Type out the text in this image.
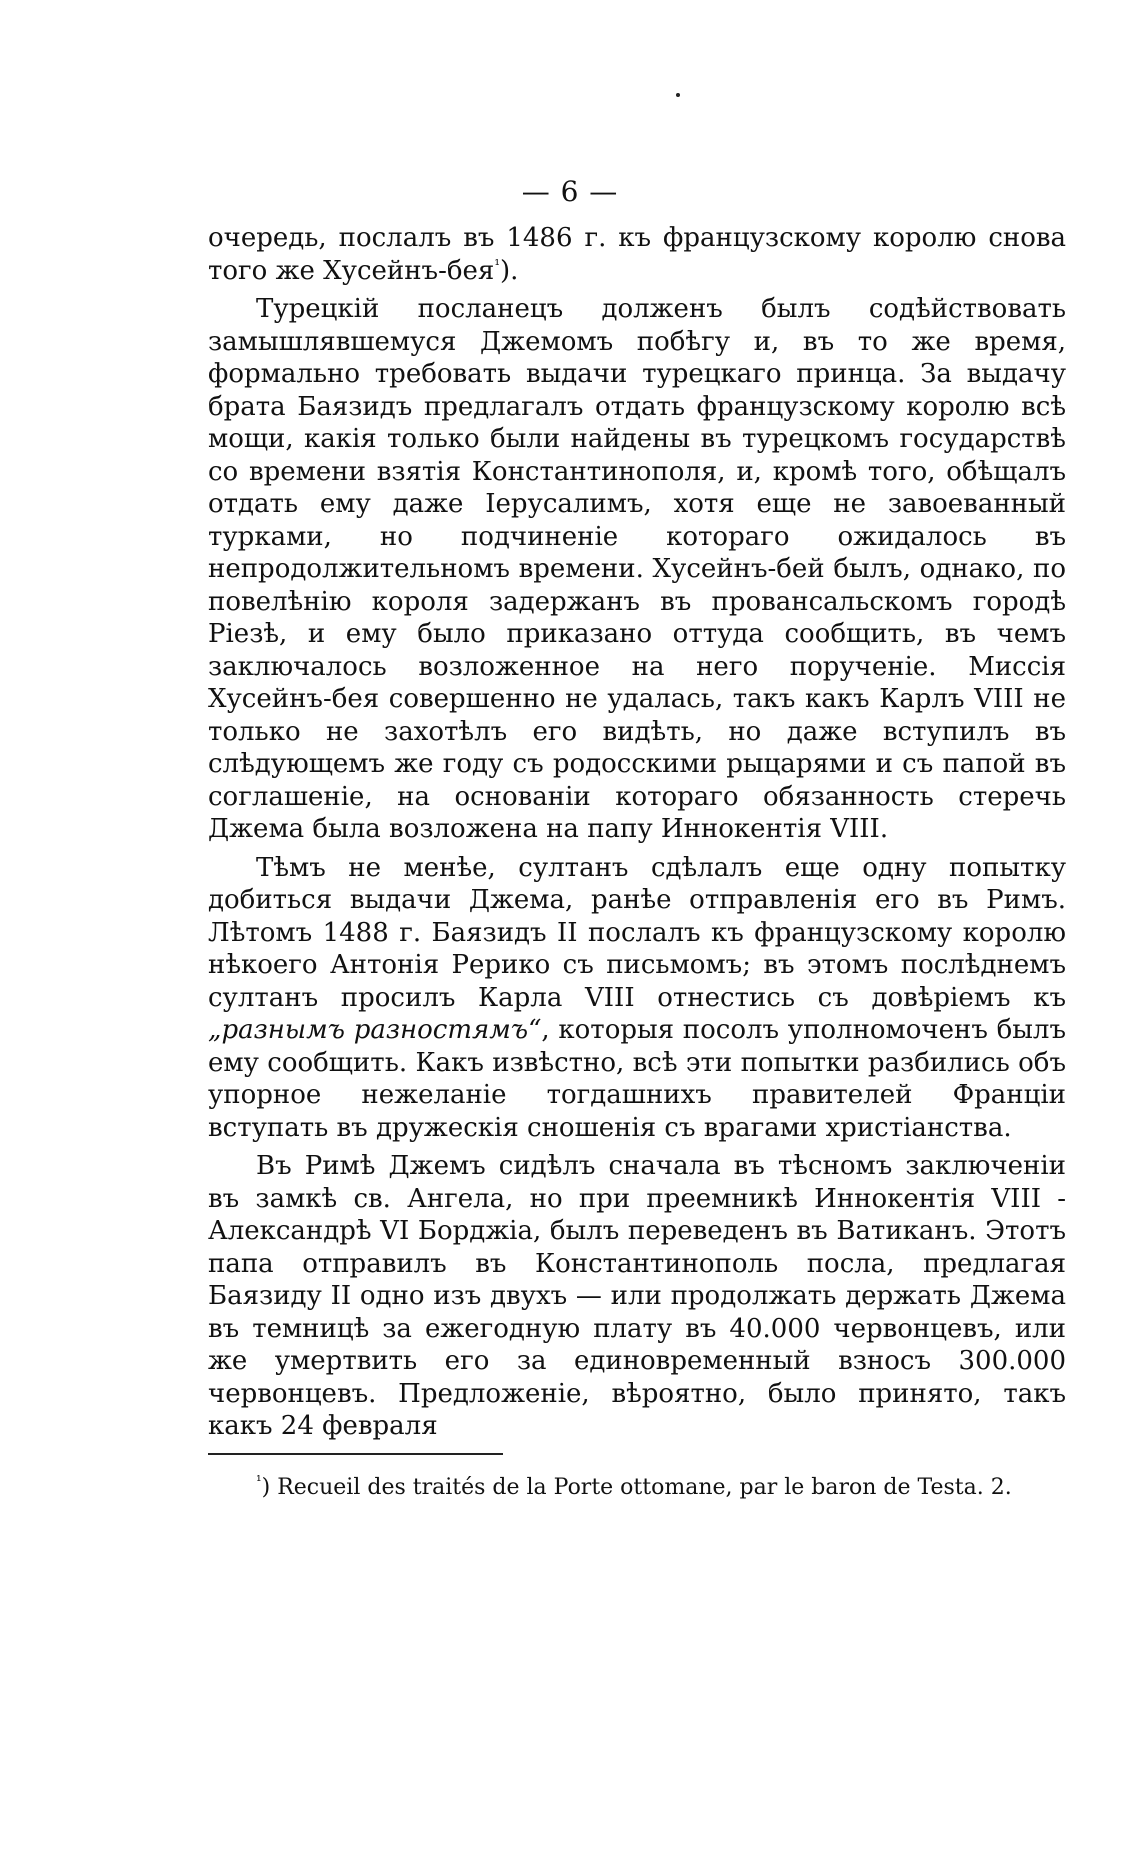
— 6 —

очередь, послалъ въ 1486 г. къ французскому королю снова того же Хусейнъ-бея$^{^1}$).

Турецкій посланецъ долженъ былъ содѣйствовать замышлявшемуся Джемомъ побѣгу и, въ то же время, формально требовать выдачи турецкаго принца. За выдачу брата Баязидъ предлагалъ отдать французскому королю всѣ мощи, какія только были найдены въ турецкомъ государствѣ со времени взятія Константинополя, и, кромѣ того, обѣщалъ отдать ему даже Іерусалимъ, хотя еще не завоеванный турками, но подчиненіе котораго ожидалось въ непродолжительномъ времени. Хусейнъ-бей былъ, однако, по повелѣнію короля задержанъ въ провансальскомъ городѣ Ріезѣ, и ему было приказано оттуда сообщить, въ чемъ заключалось возложенное на него порученіе. Миссія Хусейнъ-бея совершенно не удалась, такъ какъ Карлъ VIII не только не захотѣлъ его видѣть, но даже вступилъ въ слѣдующемъ же году съ родосскими рыцарями и съ папой въ соглашеніе, на основаніи котораго обязанность стеречь Джема была возложена на папу Иннокентія VIII.

Тѣмъ не менѣе, султанъ сдѣлалъ еще одну попытку добиться выдачи Джема, ранѣе отправленія его въ Римъ. Лѣтомъ 1488 г. Баязидъ II послалъ къ французскому королю нѣкоего Антонія Рерико съ письмомъ; въ этомъ послѣднемъ султанъ просилъ Карла VIII отнестись съ довѣріемъ къ „разнымъ разностямъ“, которыя посолъ уполномоченъ былъ ему сообщить. Какъ извѣстно, всѣ эти попытки разбились объ упорное нежеланіе тогдашнихъ правителей Франціи вступать въ дружескія сношенія съ врагами христіанства.

Въ Римѣ Джемъ сидѣлъ сначала въ тѣсномъ заключеніи въ замкѣ св. Ангела, но при преемникѣ Иннокентія VIII - Александрѣ VI Борджіа, былъ переведенъ въ Ватиканъ. Этотъ папа отправилъ въ Константинополь посла, предлагая Баязиду II одно изъ двухъ — или продолжать держать Джема въ темницѣ за ежегодную плату въ 40.000 червонцевъ, или же умертвить его за единовременный взносъ 300.000 червонцевъ. Предложеніе, вѣроятно, было принято, такъ какъ 24 февраля

$^{^1}$) Recueil des traités de la Porte ottomane, par le baron de Testa. 2.
